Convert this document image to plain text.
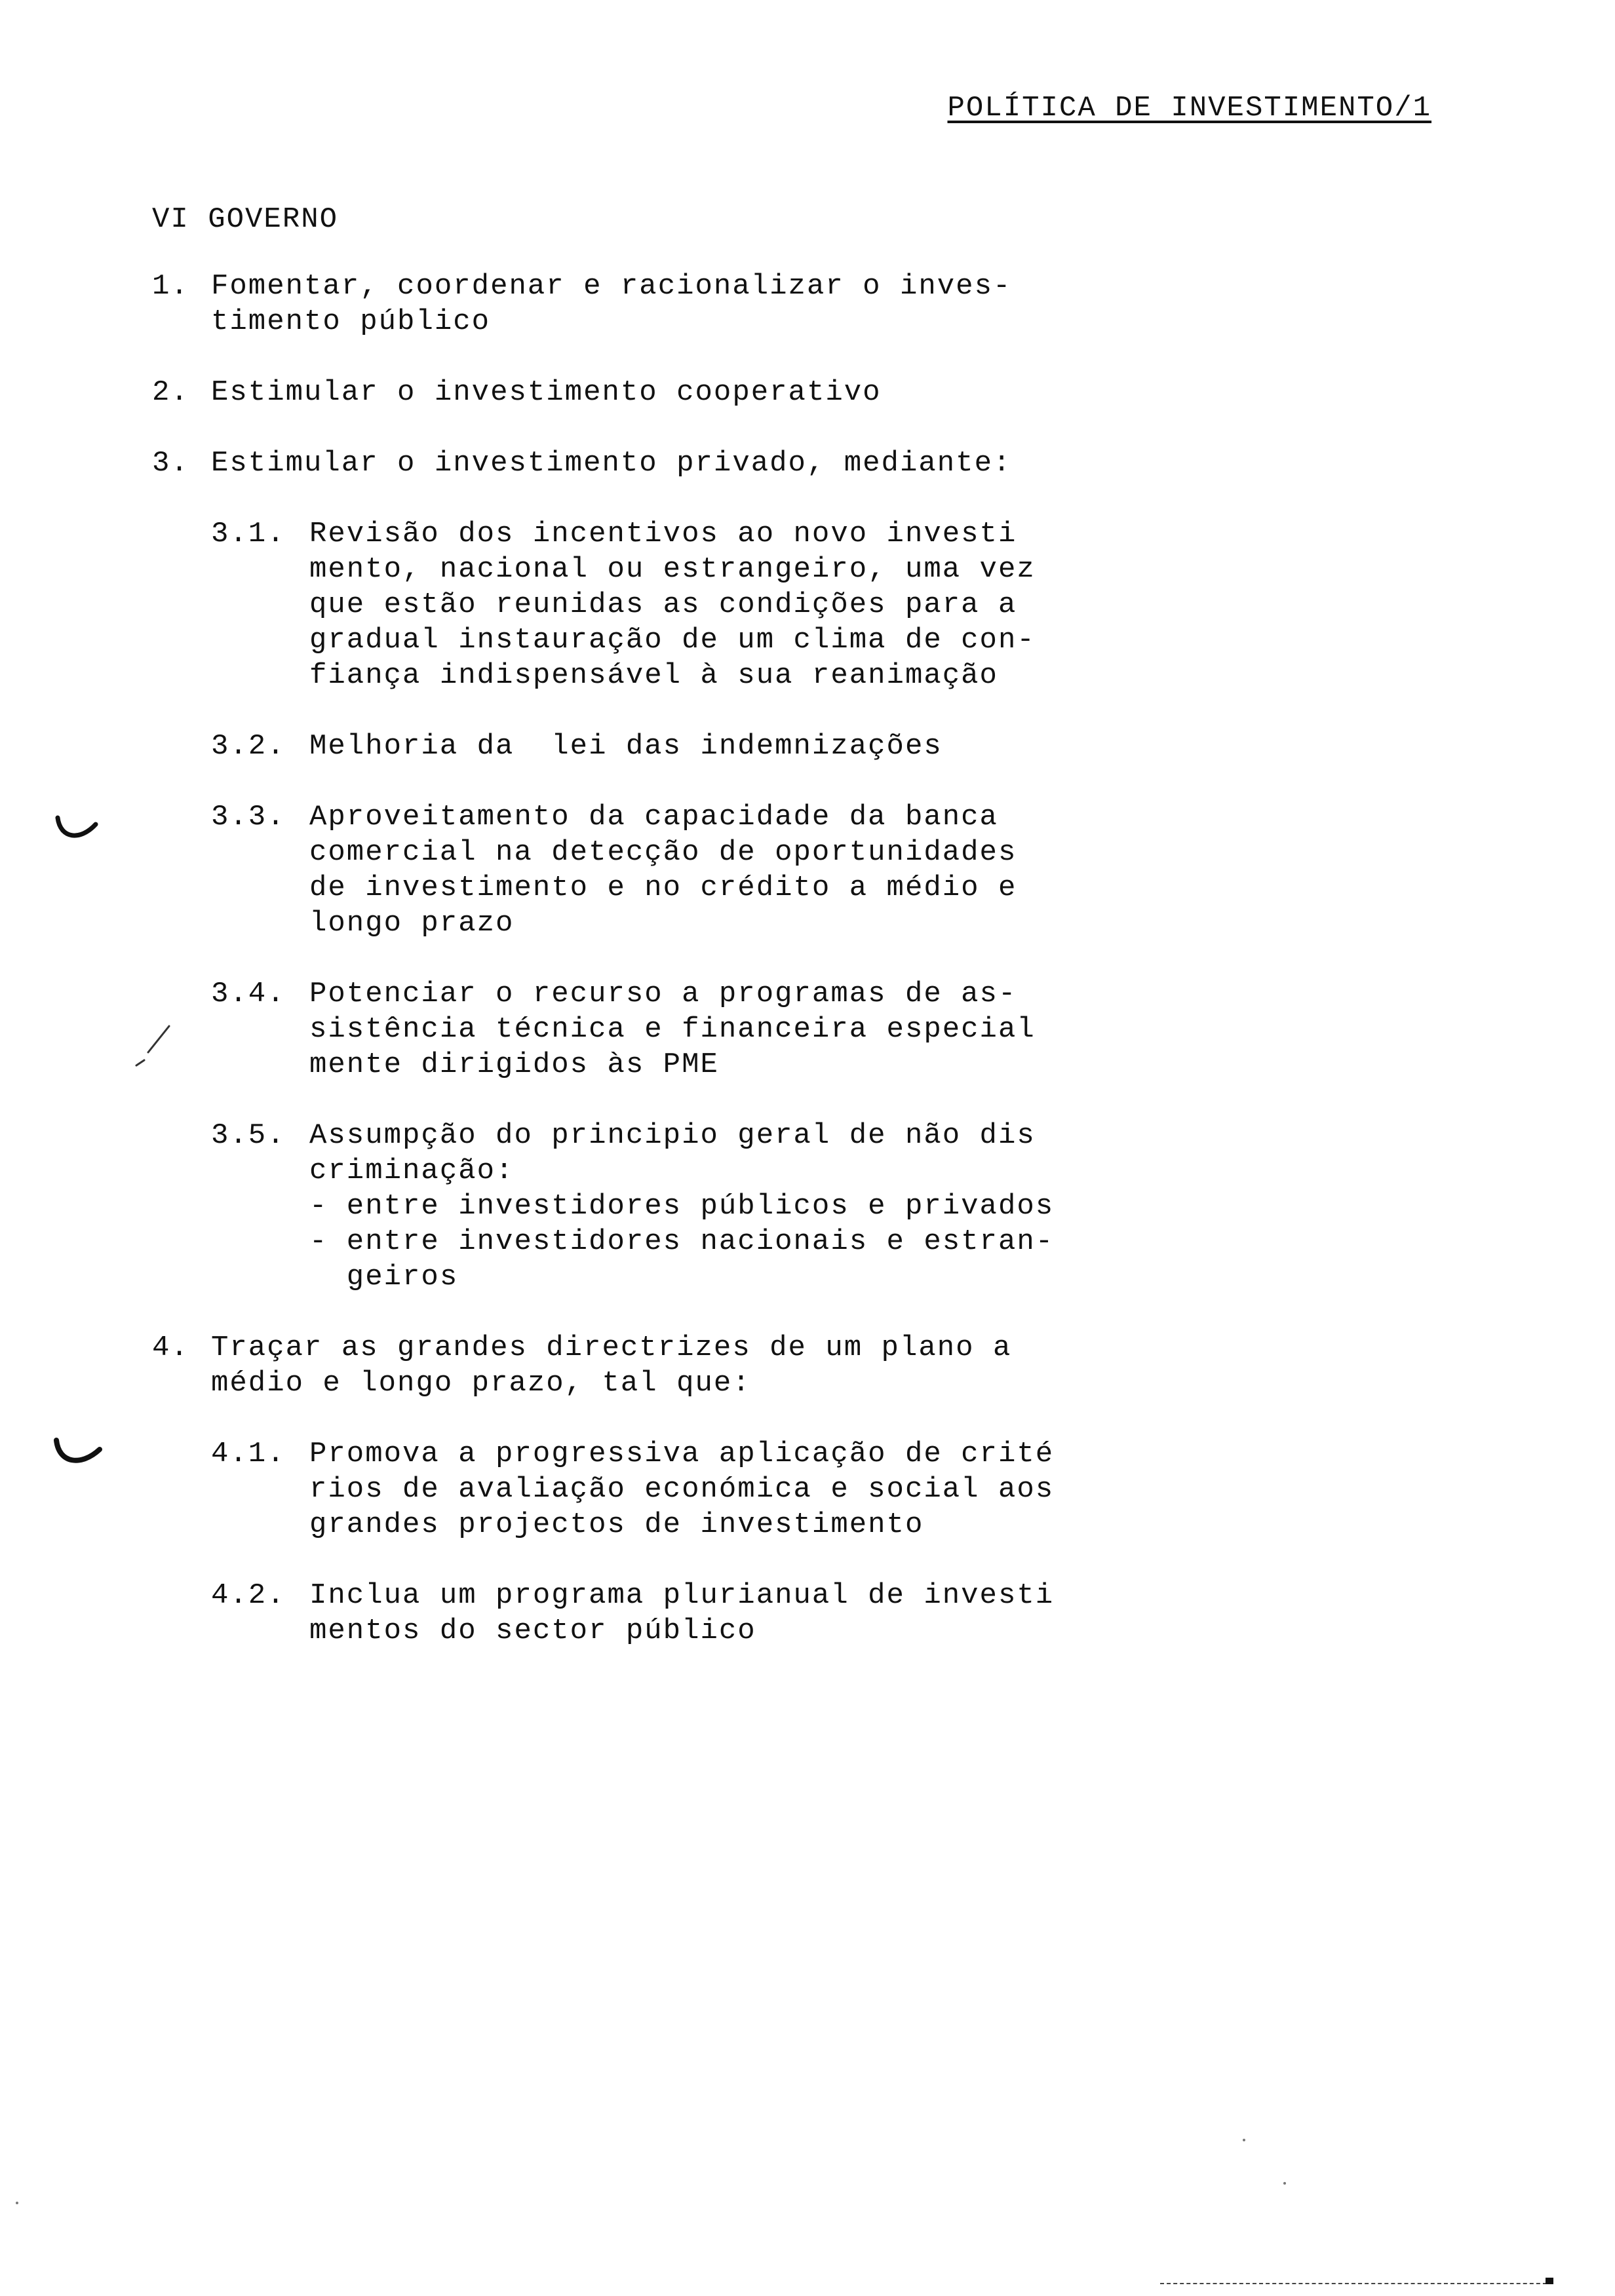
POLÍTICA DE INVESTIMENTO/1
VI GOVERNO
1. Fomentar, coordenar e racionalizar o inves-
timento público
2. Estimular o investimento cooperativo
3. Estimular o investimento privado, mediante:
3.1. Revisão dos incentivos ao novo investi
mento, nacional ou estrangeiro, uma vez
que estão reunidas as condições para a
gradual instauração de um clima de con-
fiança indispensável à sua reanimação
3.2. Melhoria da  lei das indemnizações
3.3. Aproveitamento da capacidade da banca
comercial na detecção de oportunidades
de investimento e no crédito a médio e
longo prazo
3.4. Potenciar o recurso a programas de as-
sistência técnica e financeira especial
mente dirigidos às PME
3.5. Assumpção do principio geral de não dis
criminação:
- entre investidores públicos e privados
- entre investidores nacionais e estran-
geiros
4. Traçar as grandes directrizes de um plano a
médio e longo prazo, tal que:
4.1. Promova a progressiva aplicação de crité
rios de avaliação económica e social aos
grandes projectos de investimento
4.2. Inclua um programa plurianual de investi
mentos do sector público
